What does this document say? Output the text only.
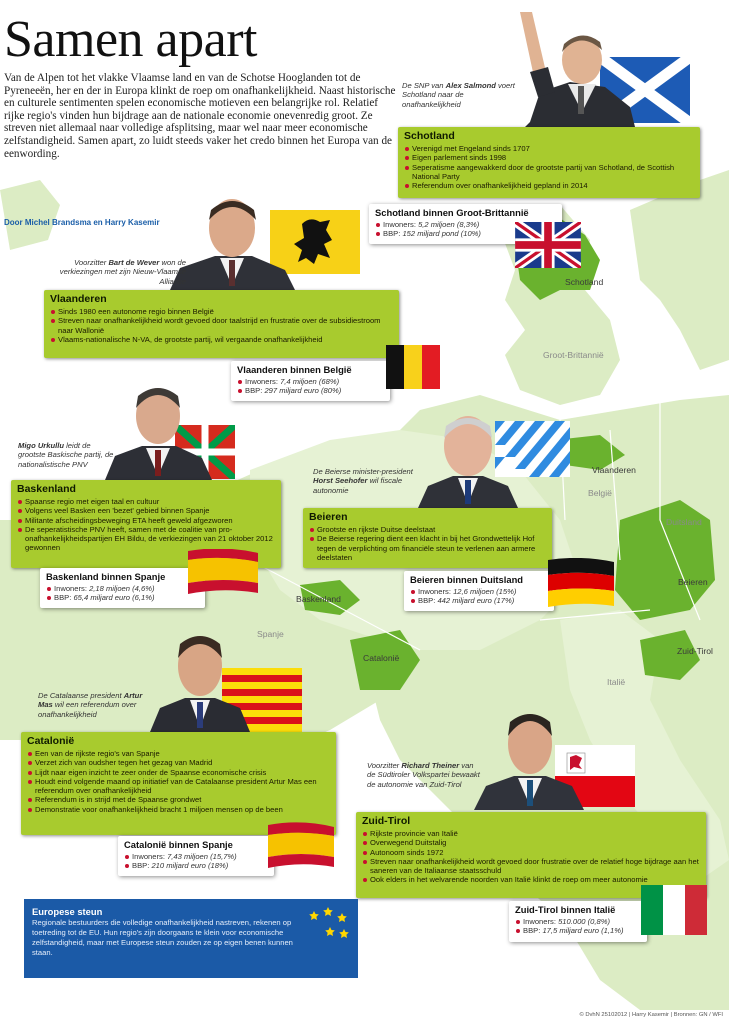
Schotland
Groot-Brittannië
Vlaanderen
België
Duitsland
Beieren
Baskenland
Spanje
Catalonië
Zuid-Tirol
Italië
Samen apart

Van de Alpen tot het vlakke Vlaamse land en van de Schotse Hooglanden tot de Pyreneeën, her en der in Europa klinkt de roep om onafhankelijkheid. Naast historische en culturele sentimenten spelen economische motieven een belangrijke rol. Relatief rijke regio's vinden hun bijdrage aan de nationale economie onevenredig groot. Ze streven niet allemaal naar volledige afsplitsing, maar wel naar meer economische zelfstandigheid. Samen apart, zo luidt steeds vaker het credo binnen het Europa van de eenwording.

Door Michel Brandsma en Harry Kasemir
De SNP van Alex Salmond voert Schotland naar de onafhankelijkheid
Schotland
Verenigd met Engeland sinds 1707
Eigen parlement sinds 1998
Seperatisme aangewakkerd door de grootste partij van Schotland, de Scottish National Party
Referendum over onafhankelijkheid gepland in 2014
Schotland binnen Groot-Brittannië
Inwoners: 5,2 miljoen (8,3%)
BBP: 152 miljard pond (10%)
Voorzitter Bart de Wever won de verkiezingen met zijn Nieuw-Vlaamse Alliantie
Vlaanderen
Sinds 1980 een autonome regio binnen België
Streven naar onafhankelijkheid wordt gevoed door taalstrijd en frustratie over de subsidiestroom naar Wallonië
Vlaams-nationalische N-VA, de grootste partij, wil vergaande onafhankelijkheid
Vlaanderen binnen België
Inwoners: 7,4 miljoen (68%)
BBP: 297 miljard euro (80%)
Migo Urkullu leidt de grootste Baskische partij, de nationalistische PNV
Baskenland
Spaanse regio met eigen taal en cultuur
Volgens veel Basken een 'bezet' gebied binnen Spanje
Militante afscheidingsbeweging ETA heeft geweld afgezworen
De seperatistische PNV heeft, samen met de coalitie van pro-onafhankelijkheidspartijen EH Bildu, de verkiezingen van 21 oktober 2012 gewonnen
Baskenland binnen Spanje
Inwoners: 2,18 miljoen (4,6%)
BBP: 65,4 miljard euro (6,1%)
De Beierse minister-president Horst Seehofer wil fiscale autonomie
Beieren
Grootste en rijkste Duitse deelstaat
De Beierse regering dient een klacht in bij het Grondwettelijk Hof tegen de verplichting om financiële steun te verlenen aan armere deelstaten
Beieren binnen Duitsland
Inwoners: 12,6 miljoen (15%)
BBP: 442 miljard euro (17%)
De Catalaanse president Artur Mas wil een referendum over onafhankelijkheid
Catalonië
Een van de rijkste regio's van Spanje
Verzet zich van oudsher tegen het gezag van Madrid
Lijdt naar eigen inzicht te zeer onder de Spaanse economische crisis
Houdt eind volgende maand op initiatief van de Catalaanse president Artur Mas een referendum over onafhankelijkheid
Referendum is in strijd met de Spaanse grondwet
Demonstratie voor onafhankelijkheid bracht 1 miljoen mensen op de been
Catalonië binnen Spanje
Inwoners: 7,43 miljoen (15,7%)
BBP: 210 miljard euro (18%)
Voorzitter Richard Theiner van de Südtiroler Volkspartei bewaakt de autonomie van Zuid-Tirol
Zuid-Tirol
Rijkste provincie van Italië
Overwegend Duitstalig
Autonoom sinds 1972
Streven naar onafhankelijkheid wordt gevoed door frustratie over de relatief hoge bijdrage aan het saneren van de Italiaanse staatsschuld
Ook elders in het welvarende noorden van Italië klinkt de roep om meer autonomie
Zuid-Tirol binnen Italië
Inwoners: 510.000 (0,8%)
BBP: 17,5 miljard euro (1,1%)
Europese steun

Regionale bestuurders die volledige onafhankelijkheid nastreven, rekenen op toetreding tot de EU. Hun regio's zijn doorgaans te klein voor economische zelfstandigheid, maar met Europese steun zouden ze op eigen benen kunnen staan.

© DvhN 25102012 | Harry Kasemir | Bronnen: GN / WFI
